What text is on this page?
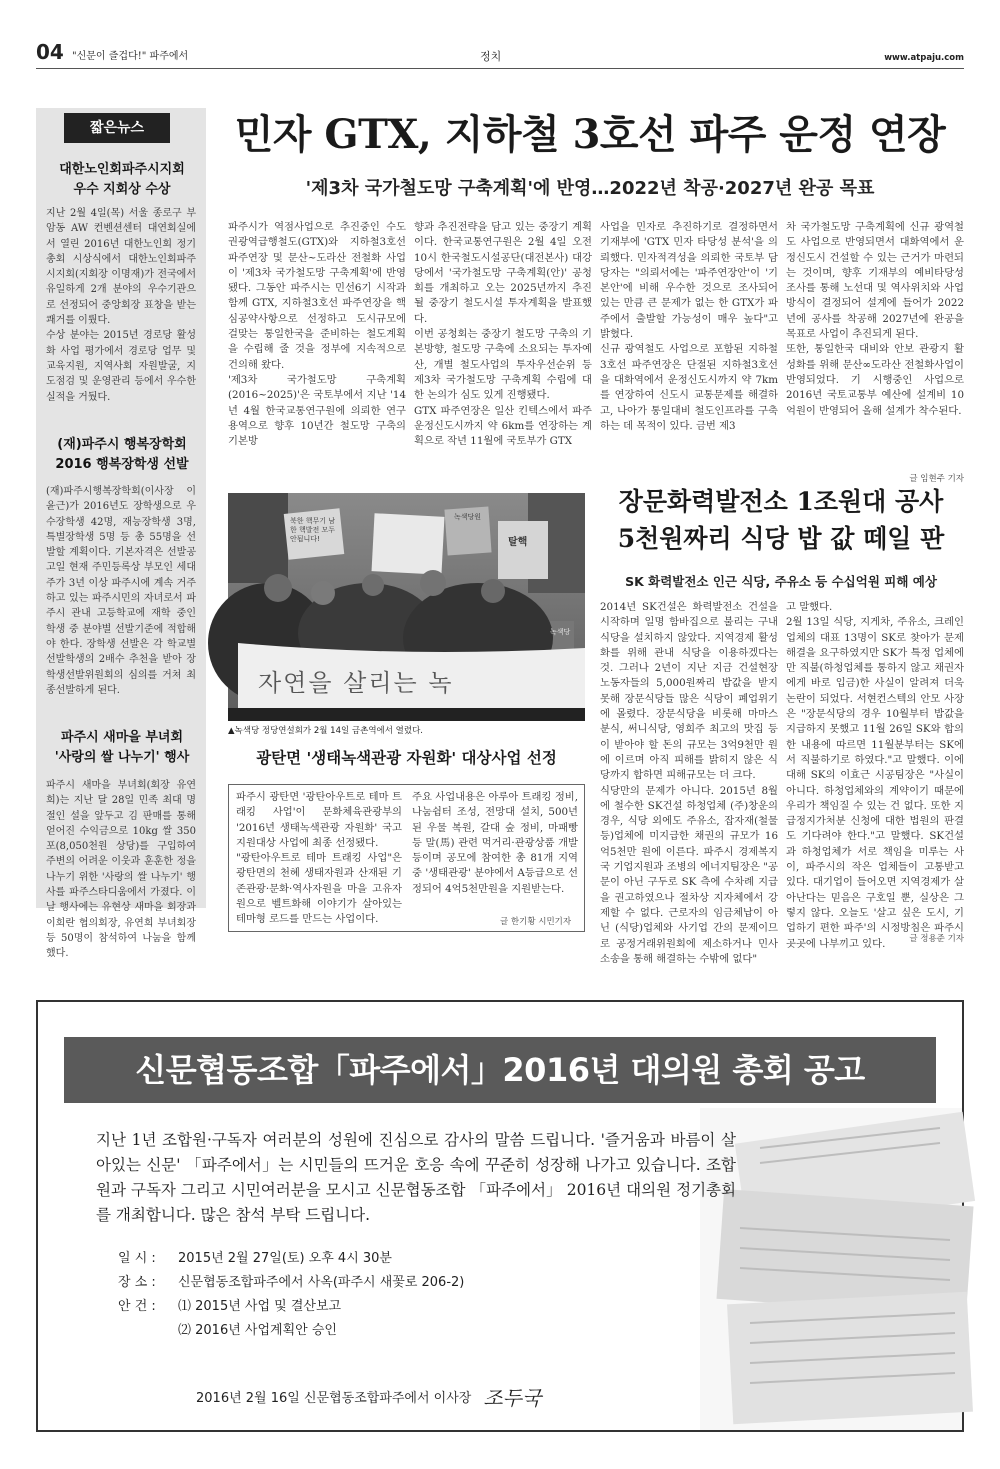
04 "신문이 즐겁다!" 파주에서	정치	www.atpaju.com
짧은뉴스
대한노인회파주시지회
우수 지회상 수상
지난 2월 4일(목) 서울 종로구 부암동 AW 컨벤션센터 대연회실에서 열린 2016년 대한노인회 정기총회 시상식에서 대한노인회파주시지회(지회장 이명재)가 전국에서 유일하게 2개 분야의 우수기관으로 선정되어 중앙회장 표창을 받는 쾌거를 이뤘다.
수상 분야는 2015년 경로당 활성화 사업 평가에서 경로당 업무 및 교육지원, 지역사회 자원발굴, 지도점검 및 운영관리 등에서 우수한 실적을 거뒀다.
(재)파주시 행복장학회
2016 행복장학생 선발
(재)파주시행복장학회(이사장 이윤근)가 2016년도 장학생으로 우수장학생 42명, 재능장학생 3명, 특별장학생 5명 등 총 55명을 선발할 계획이다. 기본자격은 선발공고일 현재 주민등록상 부모인 세대주가 3년 이상 파주시에 계속 거주하고 있는 파주시민의 자녀로서 파주시 관내 고등학교에 재학 중인 학생 중 분야별 선발기준에 적합해야 한다. 장학생 선발은 각 학교별 선발학생의 2배수 추천을 받아 장학생선발위원회의 심의를 거쳐 최종선발하게 된다.
파주시 새마을 부녀회
'사랑의 쌀 나누기' 행사
파주시 새마을 부녀회(회장 유연희)는 지난 달 28일 민족 최대 명절인 설을 앞두고 김 판매를 통해 얻어진 수익금으로 10kg 쌀 350포(8,050천원 상당)를 구입하여 주변의 어려운 이웃과 훈훈한 정을 나누기 위한 '사랑의 쌀 나누기' 행사를 파주스타디움에서 가졌다. 이날 행사에는 유현상 새마을 회장과 이희란 협의회장, 유연희 부녀회장 등 50명이 참석하여 나눔을 함께 했다.
민자 GTX, 지하철 3호선 파주 운정 연장
'제3차 국가철도망 구축계획'에 반영…2022년 착공·2027년 완공 목표
파주시가 역점사업으로 추진중인 수도권광역급행철도(GTX)와 지하철3호선 파주연장 및 문산~도라산 전철화 사업이 '제3차 국가철도망 구축계획'에 반영됐다. 그동안 파주시는 민선6기 시작과 함께 GTX, 지하철3호선 파주연장을 핵심공약사항으로 선정하고 도시규모에 걸맞는 통일한국을 준비하는 철도계획을 수립해 줄 것을 정부에 지속적으로 건의해 왔다.
'제3차 국가철도망 구축계획(2016~2025)'은 국토부에서 지난 '14년 4월 한국교통연구원에 의뢰한 연구용역으로 향후 10년간 철도망 구축의 기본방
향과 추진전략을 담고 있는 중장기 계획이다. 한국교통연구원은 2월 4일 오전 10시 한국철도시설공단(대전본사) 대강당에서 '국가철도망 구축계획(안)' 공청회를 개최하고 오는 2025년까지 추진될 중장기 철도시설 투자계획을 발표했다.
이번 공청회는 중장기 철도망 구축의 기본방향, 철도망 구축에 소요되는 투자예산, 개별 철도사업의 투자우선순위 등 제3차 국가철도망 구축계획 수립에 대한 논의가 심도 있게 진행됐다.
GTX 파주연장은 일산 킨텍스에서 파주 운정신도시까지 약 6km를 연장하는 계획으로 작년 11월에 국토부가 GTX
사업을 민자로 추진하기로 결정하면서 기재부에 'GTX 민자 타당성 분석'을 의뢰했다. 민자적격성을 의뢰한 국토부 담당자는 "의뢰서에는 '파주연장안'이 '기본안'에 비해 우수한 것으로 조사되어 있는 만큼 큰 문제가 없는 한 GTX가 파주에서 출발할 가능성이 매우 높다"고 밝혔다.
신규 광역철도 사업으로 포함된 지하철3호선 파주연장은 단절된 지하철3호선을 대화역에서 운정신도시까지 약 7km를 연장하여 신도시 교통문제를 해결하고, 나아가 통일대비 철도인프라를 구축하는 데 목적이 있다. 금번 제3
차 국가철도망 구축계획에 신규 광역철도 사업으로 반영되면서 대화역에서 운정신도시 건설할 수 있는 근거가 마련되는 것이며, 향후 기재부의 예비타당성 조사를 통해 노선대 및 역사위치와 사업방식이 결정되어 설계에 들어가 2022년에 공사를 착공해 2027년에 완공을 목표로 사업이 추진되게 된다.
또한, 통일한국 대비와 안보 관광지 활성화를 위해 문산∞도라산 전철화사업이 반영되었다. 기 시행중인 사업으로 2016년 국토교통부 예산에 설계비 10억원이 반영되어 올해 설계가 착수된다.
글 임현주 기자
자연을 살리는 녹
북한 핵무기 남한 핵발전 모두 안됩니다!
녹색당원
탈핵
녹색당
▲녹색당 정당연설회가 2월 14일 금촌역에서 열렸다.
장문화력발전소 1조원대 공사
5천원짜리 식당 밥 값 떼일 판
SK 화력발전소 인근 식당, 주유소 등 수십억원 피해 예상
2014년 SK건설은 화력발전소 건설을 시작하며 일명 함바집으로 불리는 구내식당을 설치하지 않았다. 지역경제 활성화를 위해 관내 식당을 이용하겠다는 것. 그러나 2년이 지난 지금 건설현장 노동자들의 5,000원짜리 밥값을 받지 못해 장문식당들 많은 식당이 폐업위기에 몰렸다. 장문식당을 비롯해 마마스 분식, 써니식당, 영희주 최고의 맛집 등이 받아야 할 돈의 규모는 3억9천만 원에 이르며 아직 피해를 밝히지 않은 식당까지 합하면 피해규모는 더 크다.
식당만의 문제가 아니다. 2015년 8월에 철수한 SK건설 하청업체 (주)창운의 경우, 식당 외에도 주유소, 잡자재(철물 등)업체에 미지급한 채권의 규모가 16억5천만 원에 이른다. 파주시 경제복지국 기업지원과 조병의 에너지팀장은 "공문이 아닌 구두로 SK 측에 수차례 지급을 권고하였으나 절차상 지자체에서 강제할 수 없다. 근로자의 임금체납이 아닌 (식당)업체와 사기업 간의 문제이므로 공정거래위원회에 제소하거나 민사소송을 통해 해결하는 수밖에 없다"
고 말했다.
2월 13일 식당, 지게차, 주유소, 크레인업체의 대표 13명이 SK로 찾아가 문제 해결을 요구하였지만 SK가 특정 업체에만 직불(하청업체를 통하지 않고 채권자에게 바로 입금)한 사실이 알려져 더욱 논란이 되었다. 서현컨스텍의 안모 사장은 "장문식당의 경우 10월부터 밥값을 지급하지 못했고 11월 26일 SK와 합의한 내용에 따르면 11월분부터는 SK에서 직불하기로 하였다."고 말했다. 이에 대해 SK의 이효근 시공팀장은 "사실이 아니다. 하청업체와의 계약이기 때문에 우리가 책임질 수 있는 건 없다. 또한 지급정지가처분 신청에 대한 법원의 판결도 기다려야 한다."고 말했다. SK건설과 하청업체가 서로 책임을 미루는 사이, 파주시의 작은 업체들이 고통받고 있다. 대기업이 들어오면 지역경제가 살아난다는 믿음은 구호일 뿐, 실상은 그렇지 않다. 오늘도 '살고 싶은 도시, 기업하기 편한 파주'의 시정방침은 파주시 곳곳에 나부끼고 있다.	글 정용준 기자
광탄면 '생태녹색관광 자원화' 대상사업 선정
파주시 광탄면 '광탄아우트로 테마 트래킹 사업'이 문화체육관광부의 '2016년 생태녹색관광 자원화' 국고지원대상 사업에 최종 선정됐다.
"광탄아우트로 테마 트래킹 사업"은 광탄면의 천혜 생태자원과 산재된 기존관광·문화·역사자원을 마을 고유자원으로 벨트화해 이야기가 살아있는 테마형 로드를 만드는 사업이다.
주요 사업내용은 아루아 트래킹 정비, 나눔쉼터 조성, 전망대 설치, 500년된 우물 복원, 갈대 숲 정비, 마패빵 등 말(馬) 관련 먹거리·관광상품 개발 등이며 공모에 참여한 총 81개 지역 중 '생태관광' 분야에서 A등급으로 선정되어 4억5천만원을 지원받는다.
글 한기황 시민기자
신문협동조합「파주에서」2016년 대의원 총회 공고
지난 1년 조합원·구독자 여러분의 성원에 진심으로 감사의 말씀 드립니다. '즐거움과 바름이 살아있는 신문' 「파주에서」는 시민들의 뜨거운 호응 속에 꾸준히 성장해 나가고 있습니다. 조합원과 구독자 그리고 시민여러분을 모시고 신문협동조합 「파주에서」 2016년 대의원 정기총회를 개최합니다. 많은 참석 부탁 드립니다.
일 시 :	2015년 2월 27일(토) 오후 4시 30분
장 소 :	신문협동조합파주에서 사옥(파주시 새꽃로 206-2)
안 건 :	⑴ 2015년 사업 및 결산보고
⑵ 2016년 사업계획안 승인
2016년 2월 16일 신문협동조합파주에서 이사장 조두국
